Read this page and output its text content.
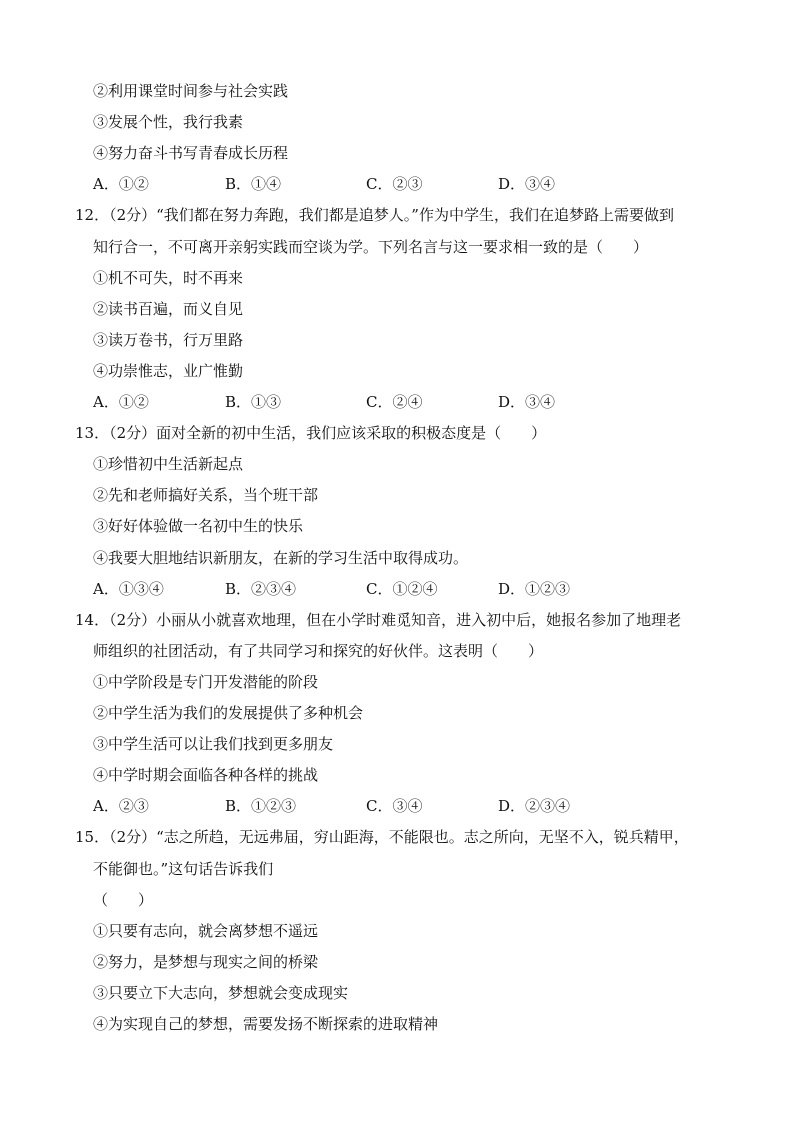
②利用课堂时间参与社会实践
③发展个性，我行我素
④努力奋斗书写青春成长历程
A．①②	B．①④	C．②③	D．③④
12．（2分）“我们都在努力奔跑，我们都是追梦人。”作为中学生，我们在追梦路上需要做到
知行合一，不可离开亲躬实践而空谈为学。下列名言与这一要求相一致的是（　　）
①机不可失，时不再来
②读书百遍，而义自见
③读万卷书，行万里路
④功崇惟志，业广惟勤
A．①②	B．①③	C．②④	D．③④
13．（2分）面对全新的初中生活，我们应该采取的积极态度是（　　）
①珍惜初中生活新起点
②先和老师搞好关系，当个班干部
③好好体验做一名初中生的快乐
④我要大胆地结识新朋友，在新的学习生活中取得成功。
A．①③④	B．②③④	C．①②④	D．①②③
14．（2分）小丽从小就喜欢地理，但在小学时难觅知音，进入初中后，她报名参加了地理老
师组织的社团活动，有了共同学习和探究的好伙伴。这表明（　　）
①中学阶段是专门开发潜能的阶段
②中学生活为我们的发展提供了多种机会
③中学生活可以让我们找到更多朋友
④中学时期会面临各种各样的挑战
A．②③	B．①②③	C．③④	D．②③④
15．（2分）“志之所趋，无远弗届，穷山距海，不能限也。志之所向，无坚不入，锐兵精甲，
不能御也。”这句话告诉我们
（　　）
①只要有志向，就会离梦想不遥远
②努力，是梦想与现实之间的桥梁
③只要立下大志向，梦想就会变成现实
④为实现自己的梦想，需要发扬不断探索的进取精神
